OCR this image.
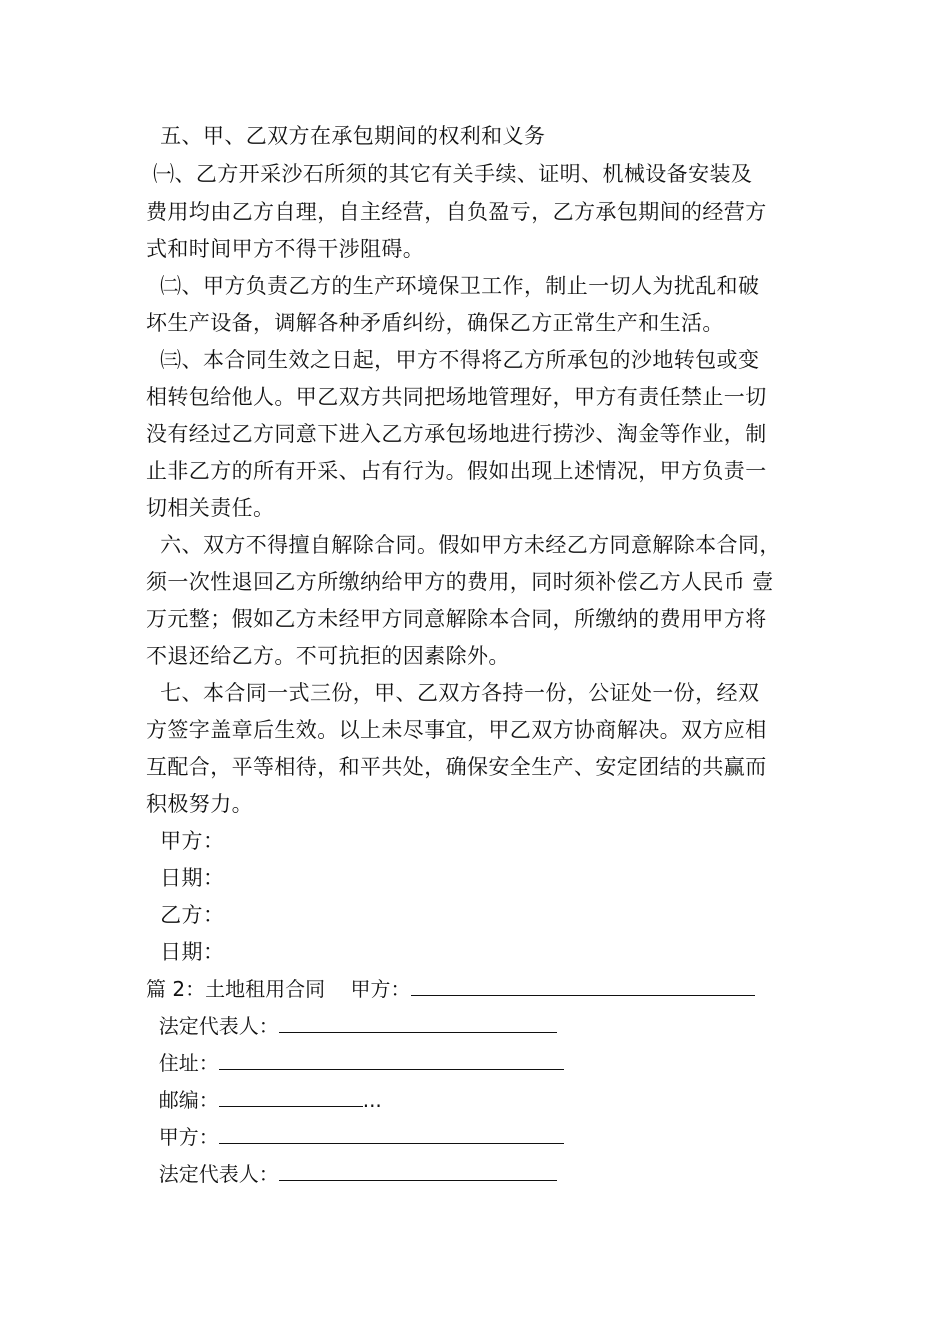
五、甲、乙双方在承包期间的权利和义务
㈠、乙方开采沙石所须的其它有关手续、证明、机械设备安装及
费用均由乙方自理，自主经营，自负盈亏，乙方承包期间的经营方
式和时间甲方不得干涉阻碍。
㈡、甲方负责乙方的生产环境保卫工作，制止一切人为扰乱和破
坏生产设备，调解各种矛盾纠纷，确保乙方正常生产和生活。
㈢、本合同生效之日起，甲方不得将乙方所承包的沙地转包或变
相转包给他人。甲乙双方共同把场地管理好，甲方有责任禁止一切
没有经过乙方同意下进入乙方承包场地进行捞沙、淘金等作业，制
止非乙方的所有开采、占有行为。假如出现上述情况，甲方负责一
切相关责任。
六、双方不得擅自解除合同。假如甲方未经乙方同意解除本合同，
须一次性退回乙方所缴纳给甲方的费用，同时须补偿乙方人民币 壹
万元整；假如乙方未经甲方同意解除本合同，所缴纳的费用甲方将
不退还给乙方。不可抗拒的因素除外。
七、本合同一式三份，甲、乙双方各持一份，公证处一份，经双
方签字盖章后生效。以上未尽事宜，甲乙双方协商解决。双方应相
互配合，平等相待，和平共处，确保安全生产、安定团结的共赢而
积极努力。
甲方：
日期：
乙方：
日期：
篇 2：土地租用合同    甲方：
法定代表人：
住址：
邮编：	...
甲方：
法定代表人：
